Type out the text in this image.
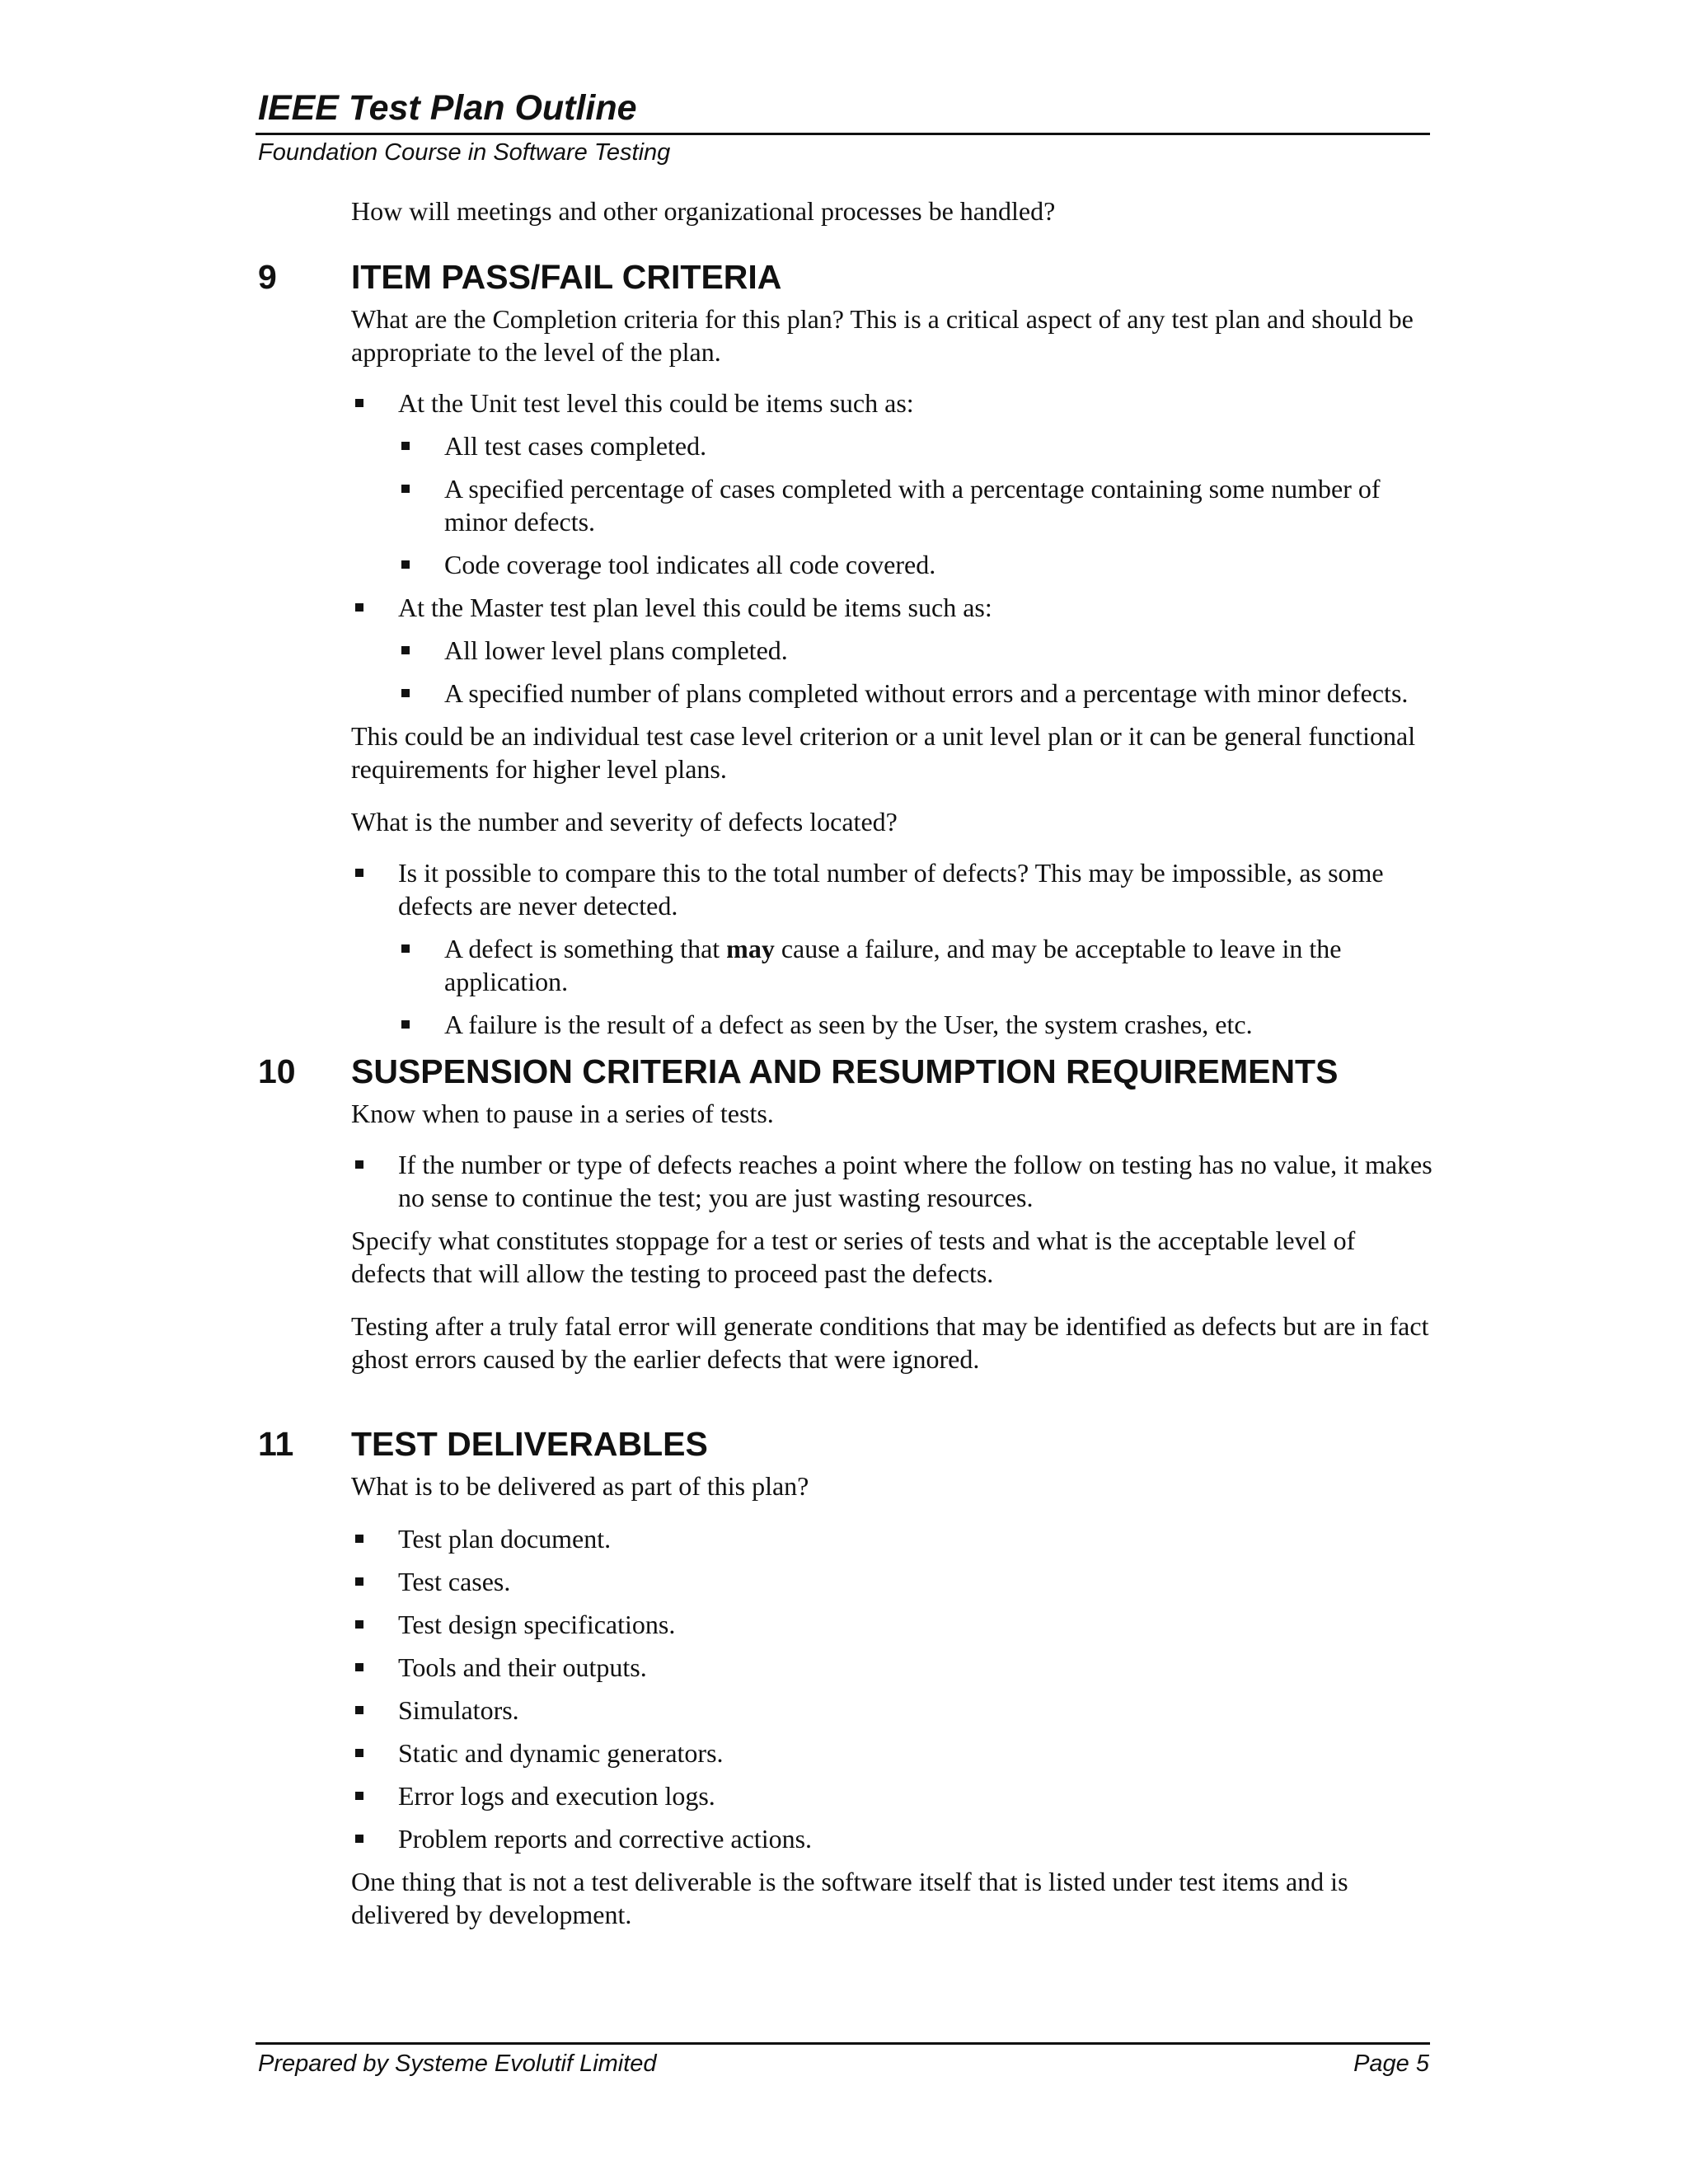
IEEE Test Plan Outline
Foundation Course in Software Testing

How will meetings and other organizational processes be handled?

9	ITEM PASS/FAIL CRITERIA

What are the Completion criteria for this plan? This is a critical aspect of any test plan and should be appropriate to the level of the plan.

At the Unit test level this could be items such as:
All test cases completed.
A specified percentage of cases completed with a percentage containing some number of minor defects.
Code coverage tool indicates all code covered.
At the Master test plan level this could be items such as:
All lower level plans completed.
A specified number of plans completed without errors and a percentage with minor defects.

This could be an individual test case level criterion or a unit level plan or it can be general functional requirements for higher level plans.

What is the number and severity of defects located?

Is it possible to compare this to the total number of defects? This may be impossible, as some defects are never detected.
A defect is something that may cause a failure, and may be acceptable to leave in the application.
A failure is the result of a defect as seen by the User, the system crashes, etc.
10	SUSPENSION CRITERIA AND RESUMPTION REQUIREMENTS

Know when to pause in a series of tests.

If the number or type of defects reaches a point where the follow on testing has no value, it makes no sense to continue the test; you are just wasting resources.

Specify what constitutes stoppage for a test or series of tests and what is the acceptable level of defects that will allow the testing to proceed past the defects.

Testing after a truly fatal error will generate conditions that may be identified as defects but are in fact ghost errors caused by the earlier defects that were ignored.

11	TEST DELIVERABLES

What is to be delivered as part of this plan?

Test plan document.
Test cases.
Test design specifications.
Tools and their outputs.
Simulators.
Static and dynamic generators.
Error logs and execution logs.
Problem reports and corrective actions.

One thing that is not a test deliverable is the software itself that is listed under test items and is delivered by development.

Prepared by Systeme Evolutif Limited	Page 5
